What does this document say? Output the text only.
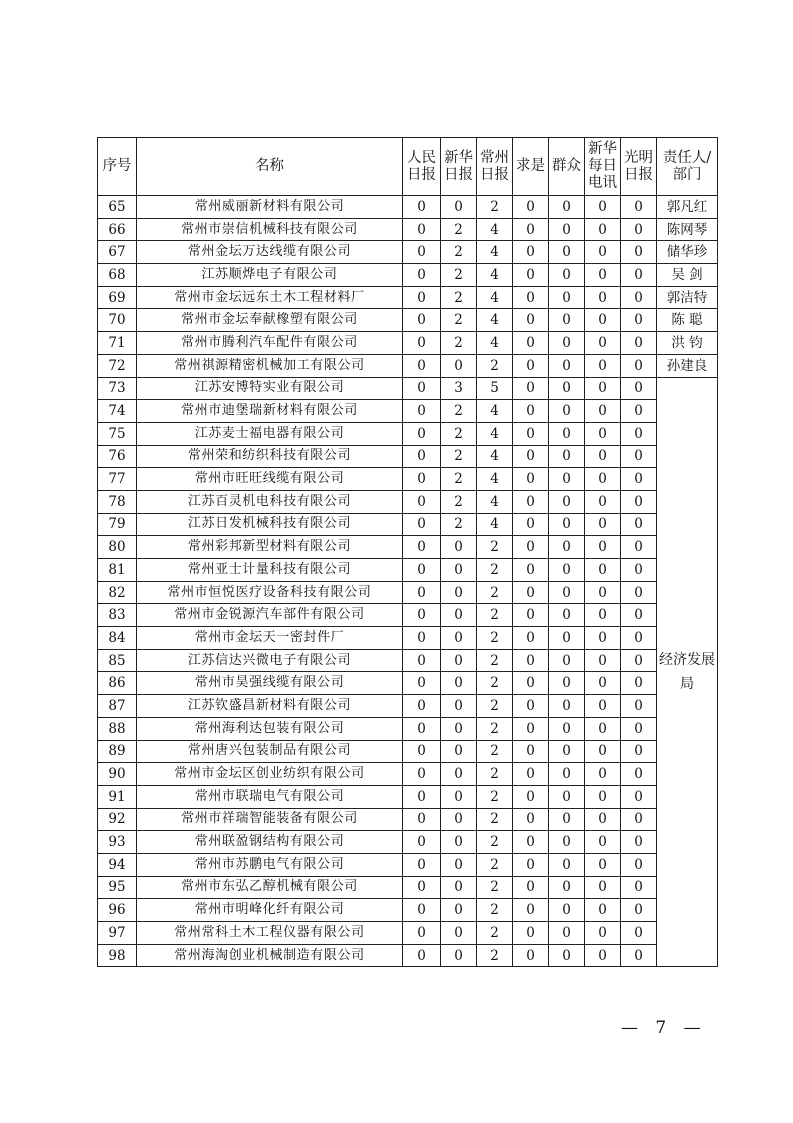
序号	名称	人民日报	新华日报	常州日报	求是	群众	新华每日电讯	光明日报	责任人/部门
65	常州威丽新材料有限公司	0	0	2	0	0	0	0	郭凡红
66	常州市崇信机械科技有限公司	0	2	4	0	0	0	0	陈网琴
67	常州金坛万达线缆有限公司	0	2	4	0	0	0	0	储华珍
68	江苏顺烨电子有限公司	0	2	4	0	0	0	0	吴 剑
69	常州市金坛远东土木工程材料厂	0	2	4	0	0	0	0	郭洁特
70	常州市金坛奉献橡塑有限公司	0	2	4	0	0	0	0	陈 聪
71	常州市腾利汽车配件有限公司	0	2	4	0	0	0	0	洪 钧
72	常州祺源精密机械加工有限公司	0	0	2	0	0	0	0	孙建良
73	江苏安博特实业有限公司	0	3	5	0	0	0	0	经济发展局
74	常州市迪堡瑞新材料有限公司	0	2	4	0	0	0	0	
75	江苏麦士福电器有限公司	0	2	4	0	0	0	0	
76	常州荣和纺织科技有限公司	0	2	4	0	0	0	0	
77	常州市旺旺线缆有限公司	0	2	4	0	0	0	0	
78	江苏百灵机电科技有限公司	0	2	4	0	0	0	0	
79	江苏日发机械科技有限公司	0	2	4	0	0	0	0	
80	常州彩邦新型材料有限公司	0	0	2	0	0	0	0	
81	常州亚士计量科技有限公司	0	0	2	0	0	0	0	
82	常州市恒悦医疗设备科技有限公司	0	0	2	0	0	0	0	
83	常州市金锐源汽车部件有限公司	0	0	2	0	0	0	0	
84	常州市金坛天一密封件厂	0	0	2	0	0	0	0	
85	江苏信达兴微电子有限公司	0	0	2	0	0	0	0	
86	常州市昊强线缆有限公司	0	0	2	0	0	0	0	
87	江苏钦盛昌新材料有限公司	0	0	2	0	0	0	0	
88	常州海利达包装有限公司	0	0	2	0	0	0	0	
89	常州唐兴包装制品有限公司	0	0	2	0	0	0	0	
90	常州市金坛区创业纺织有限公司	0	0	2	0	0	0	0	
91	常州市联瑞电气有限公司	0	0	2	0	0	0	0	
92	常州市祥瑞智能装备有限公司	0	0	2	0	0	0	0	
93	常州联盈钢结构有限公司	0	0	2	0	0	0	0	
94	常州市苏鹏电气有限公司	0	0	2	0	0	0	0	
95	常州市东弘乙醇机械有限公司	0	0	2	0	0	0	0	
96	常州市明峰化纤有限公司	0	0	2	0	0	0	0	
97	常州常科土木工程仪器有限公司	0	0	2	0	0	0	0	
98	常州海淘创业机械制造有限公司	0	0	2	0	0	0	0	
— 7 —
